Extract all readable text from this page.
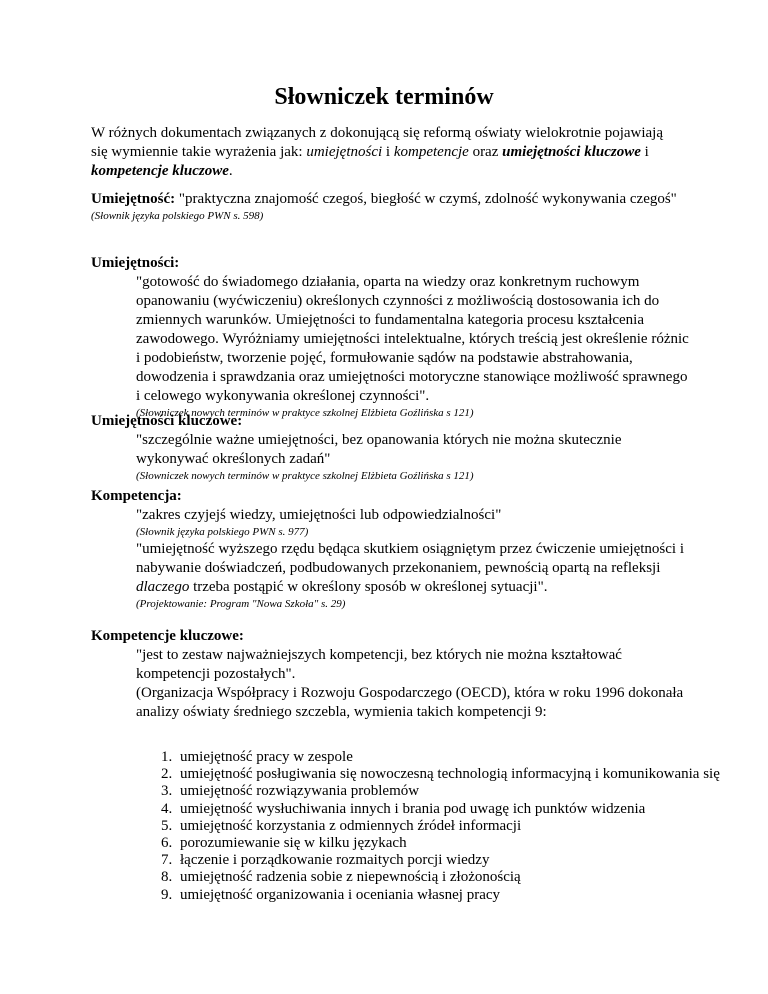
Słowniczek terminów

W różnych dokumentach związanych z dokonującą się reformą oświaty wielokrotnie pojawiają się wymiennie takie wyrażenia jak: umiejętności i kompetencje oraz umiejętności kluczowe i kompetencje kluczowe.

Umiejętność: "praktyczna znajomość czegoś, biegłość w czymś, zdolność wykonywania czegoś"
(Słownik języka polskiego PWN s. 598)
Umiejętności:
"gotowość do świadomego działania, oparta na wiedzy oraz konkretnym ruchowym opanowaniu (wyćwiczeniu) określonych czynności z możliwością dostosowania ich do zmiennych warunków. Umiejętności to fundamentalna kategoria procesu kształcenia zawodowego. Wyróżniamy umiejętności intelektualne, których treścią jest określenie różnic i podobieństw, tworzenie pojęć, formułowanie sądów na podstawie abstrahowania, dowodzenia i sprawdzania oraz umiejętności motoryczne stanowiące możliwość sprawnego i celowego wykonywania określonej czynności".
(Słowniczek nowych terminów w praktyce szkolnej Elżbieta Goźlińska s 121)
Umiejętności kluczowe:
"szczególnie ważne umiejętności, bez opanowania których nie można skutecznie wykonywać określonych zadań"
(Słowniczek nowych terminów w praktyce szkolnej Elżbieta Goźlińska s 121)
Kompetencja:
"zakres czyjejś wiedzy, umiejętności lub odpowiedzialności"
(Słownik języka polskiego PWN s. 977)
"umiejętność wyższego rzędu będąca skutkiem osiągniętym przez ćwiczenie umiejętności i nabywanie doświadczeń, podbudowanych przekonaniem, pewnością opartą na refleksji dlaczego trzeba postąpić w określony sposób w określonej sytuacji".
(Projektowanie: Program "Nowa Szkoła" s. 29)
Kompetencje kluczowe:
"jest to zestaw najważniejszych kompetencji, bez których nie można kształtować kompetencji pozostałych".
(Organizacja Współpracy i Rozwoju Gospodarczego (OECD), która w roku 1996 dokonała analizy oświaty średniego szczebla, wymienia takich kompetencji 9:
1. umiejętność pracy w zespole
2. umiejętność posługiwania się nowoczesną technologią informacyjną i komunikowania się
3. umiejętność rozwiązywania problemów
4. umiejętność wysłuchiwania innych i brania pod uwagę ich punktów widzenia
5. umiejętność korzystania z odmiennych źródeł informacji
6. porozumiewanie się w kilku językach
7. łączenie i porządkowanie rozmaitych porcji wiedzy
8. umiejętność radzenia sobie z niepewnością i złożonością
9. umiejętność organizowania i oceniania własnej pracy
